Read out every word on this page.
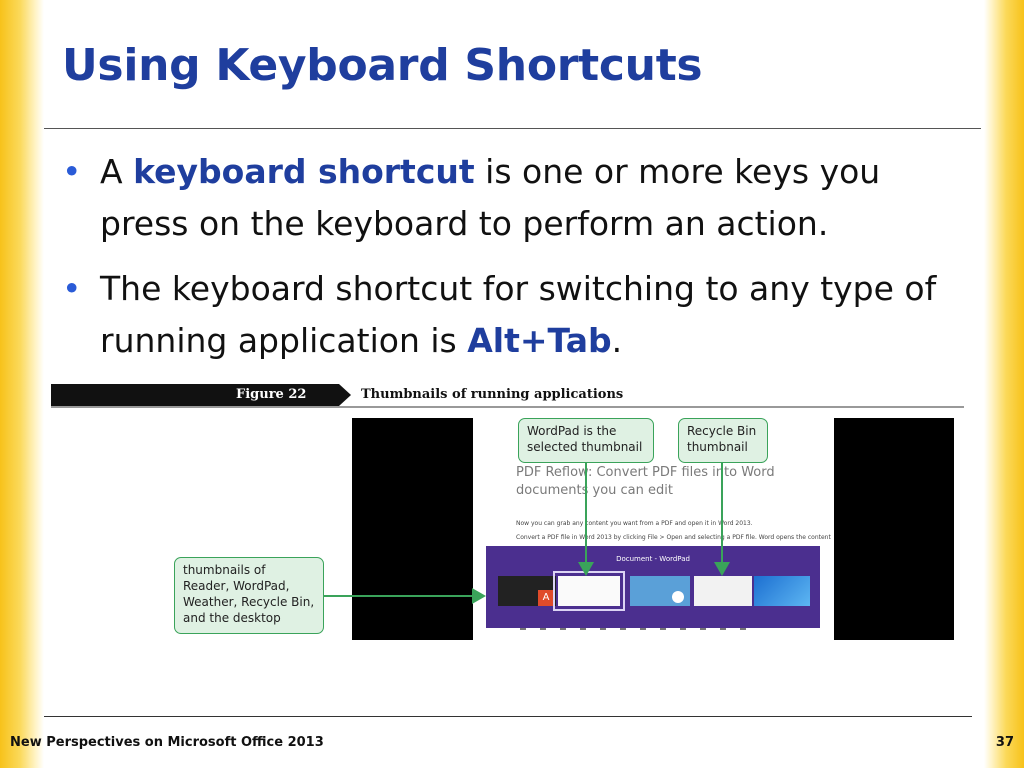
Using Keyboard Shortcuts
• A keyboard shortcut is one or more keys you press on the keyboard to perform an action.
• The keyboard shortcut for switching to any type of running application is Alt+Tab.
Figure 22	Thumbnails of running applications
PDF Reflow: Convert PDF files into Word documents you can edit
Now you can grab any content you want from a PDF and open it in Word 2013.
Convert a PDF file in Word 2013 by clicking File > Open and selecting a PDF file. Word opens the content
Document - WordPad
A
WordPad is the selected thumbnail
Recycle Bin thumbnail
thumbnails of Reader, WordPad, Weather, Recycle Bin, and the desktop
New Perspectives on Microsoft Office 2013	37
